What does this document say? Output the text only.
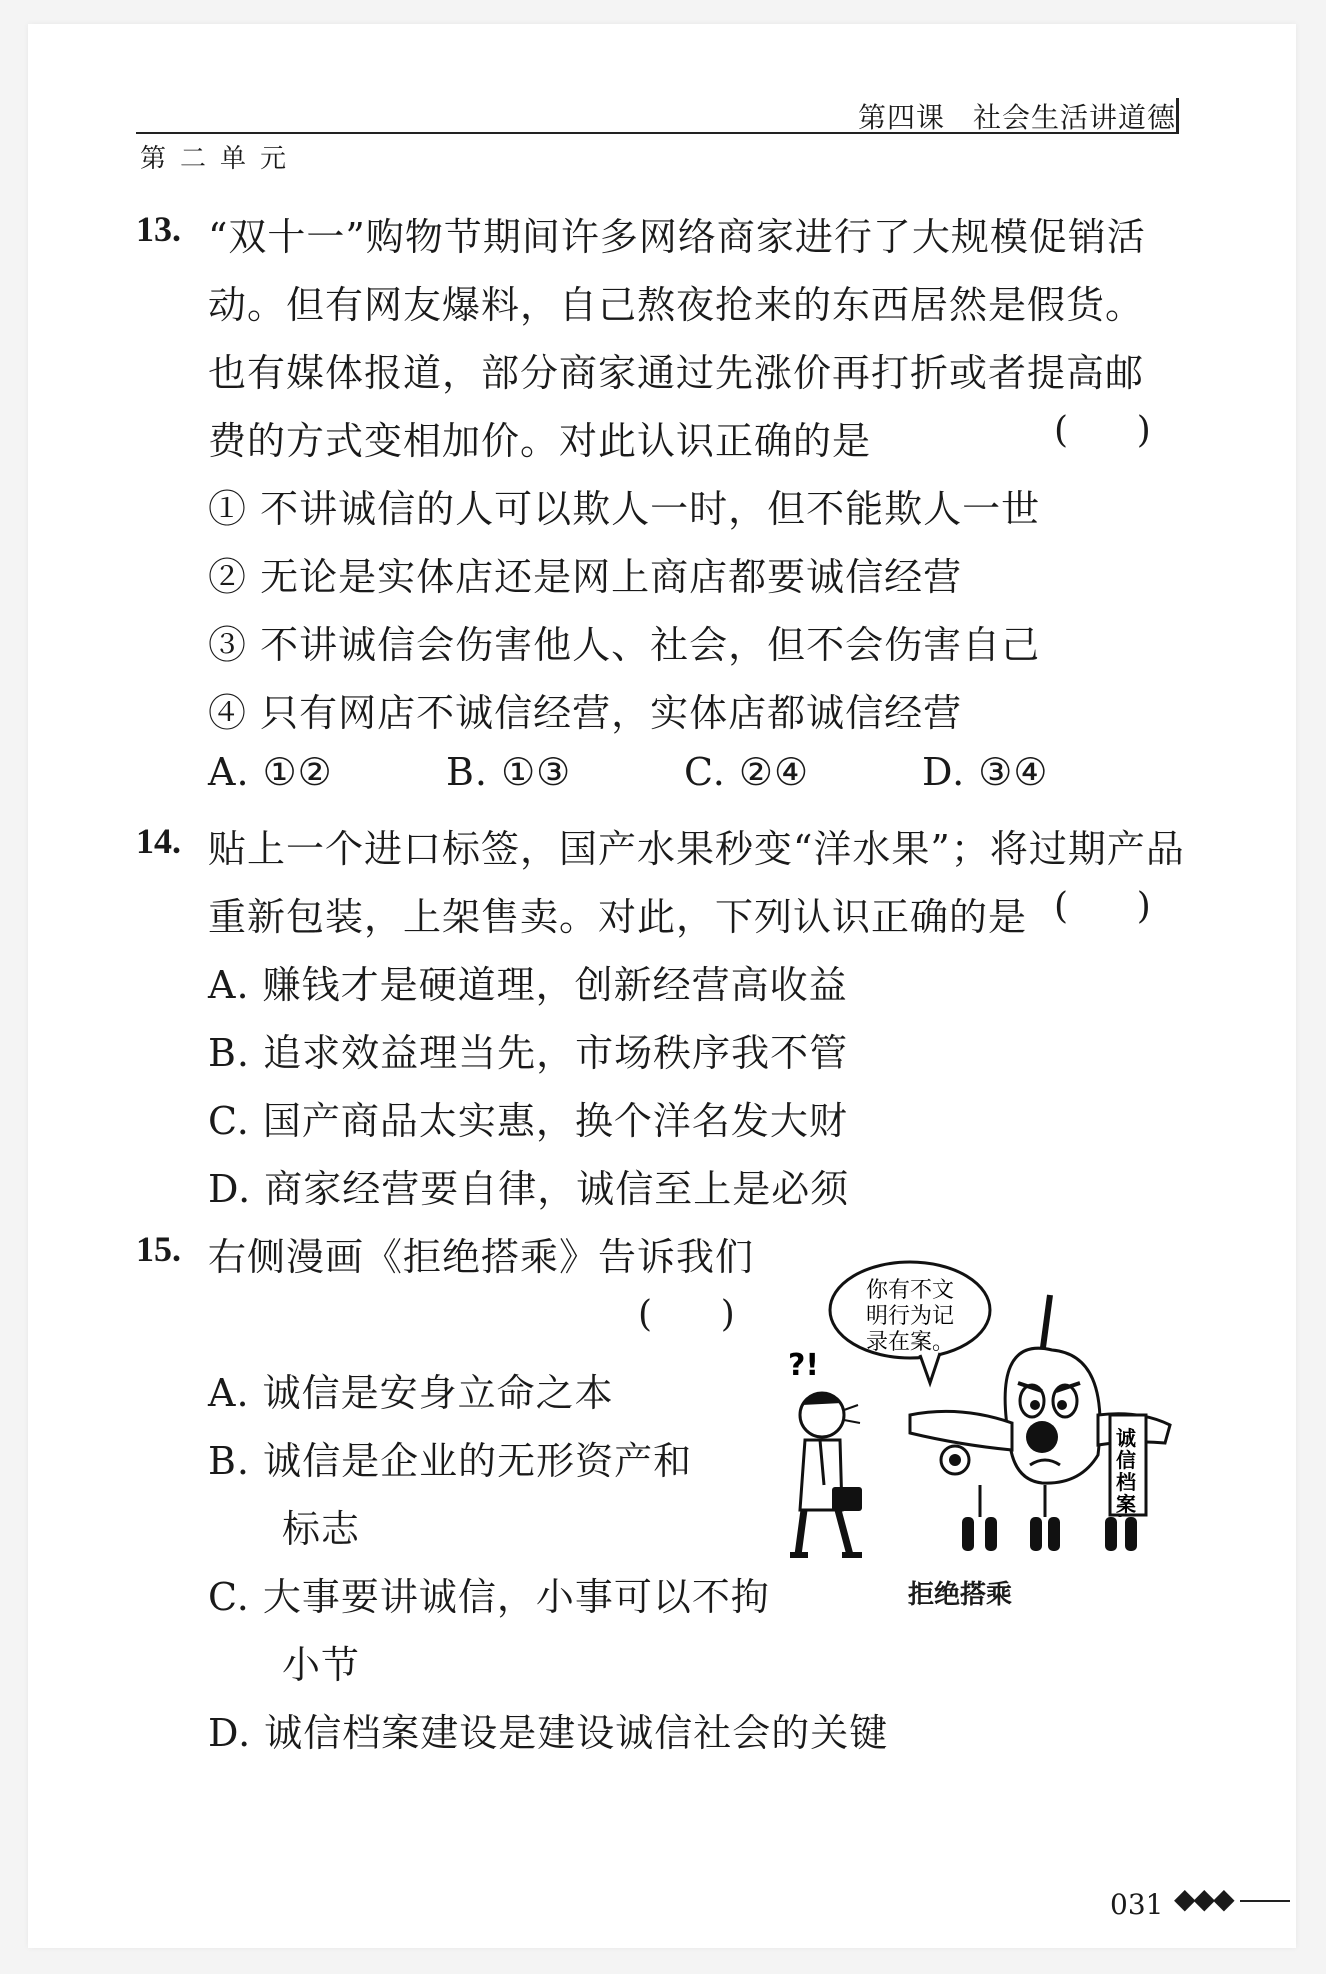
第四课 社会生活讲道德
第二单元
13. “双十一”购物节期间许多网络商家进行了大规模促销活
动。但有网友爆料，自己熬夜抢来的东西居然是假货。
也有媒体报道，部分商家通过先涨价再打折或者提高邮
费的方式变相加价。对此认识正确的是	(      )
① 不讲诚信的人可以欺人一时，但不能欺人一世
② 无论是实体店还是网上商店都要诚信经营
③ 不讲诚信会伤害他人、社会，但不会伤害自己
④ 只有网店不诚信经营，实体店都诚信经营
A. ①②	B. ①③	C. ②④	D. ③④
14. 贴上一个进口标签，国产水果秒变“洋水果”；将过期产品
重新包装，上架售卖。对此，下列认识正确的是 (      )
A. 赚钱才是硬道理，创新经营高收益
B. 追求效益理当先，市场秩序我不管
C. 国产商品太实惠，换个洋名发大财
D. 商家经营要自律，诚信至上是必须
15. 右侧漫画《拒绝搭乘》告诉我们
(      )
A. 诚信是安身立命之本
B. 诚信是企业的无形资产和
标志
C. 大事要讲诚信，小事可以不拘
小节
D. 诚信档案建设是建设诚信社会的关键
你有不文
明行为记
录在案。
诚
信
档
案
?!
拒绝搭乘
031 ◆◆◆
